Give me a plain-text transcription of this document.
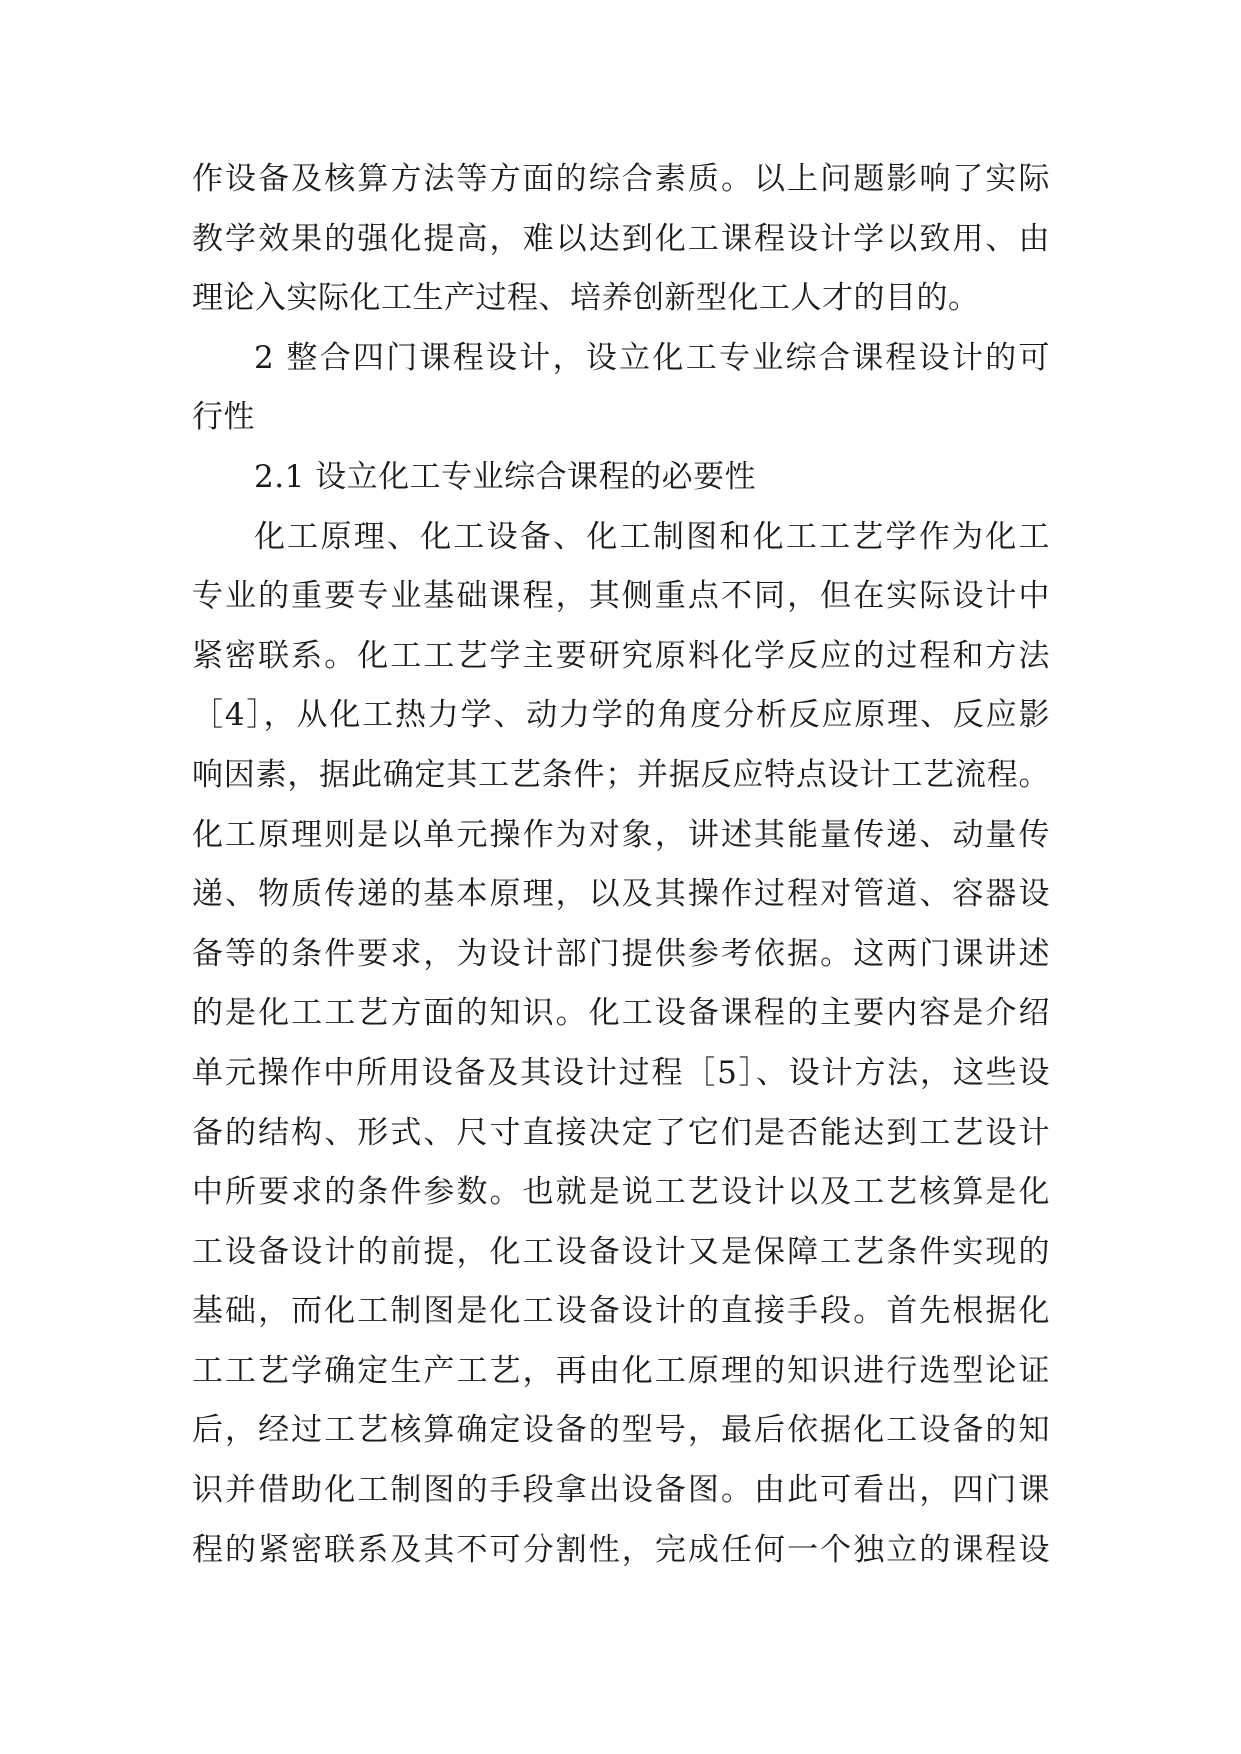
作设备及核算方法等方面的综合素质。以上问题影响了实际
教学效果的强化提高，难以达到化工课程设计学以致用、由
理论入实际化工生产过程、培养创新型化工人才的目的。
2 整合四门课程设计，设立化工专业综合课程设计的可
行性
2.1 设立化工专业综合课程的必要性
化工原理、化工设备、化工制图和化工工艺学作为化工
专业的重要专业基础课程，其侧重点不同，但在实际设计中
紧密联系。化工工艺学主要研究原料化学反应的过程和方法
［4］，从化工热力学、动力学的角度分析反应原理、反应影
响因素，据此确定其工艺条件；并据反应特点设计工艺流程。
化工原理则是以单元操作为对象，讲述其能量传递、动量传
递、物质传递的基本原理，以及其操作过程对管道、容器设
备等的条件要求，为设计部门提供参考依据。这两门课讲述
的是化工工艺方面的知识。化工设备课程的主要内容是介绍
单元操作中所用设备及其设计过程［5］、设计方法，这些设
备的结构、形式、尺寸直接决定了它们是否能达到工艺设计
中所要求的条件参数。也就是说工艺设计以及工艺核算是化
工设备设计的前提，化工设备设计又是保障工艺条件实现的
基础，而化工制图是化工设备设计的直接手段。首先根据化
工工艺学确定生产工艺，再由化工原理的知识进行选型论证
后，经过工艺核算确定设备的型号，最后依据化工设备的知
识并借助化工制图的手段拿出设备图。由此可看出，四门课
程的紧密联系及其不可分割性，完成任何一个独立的课程设
